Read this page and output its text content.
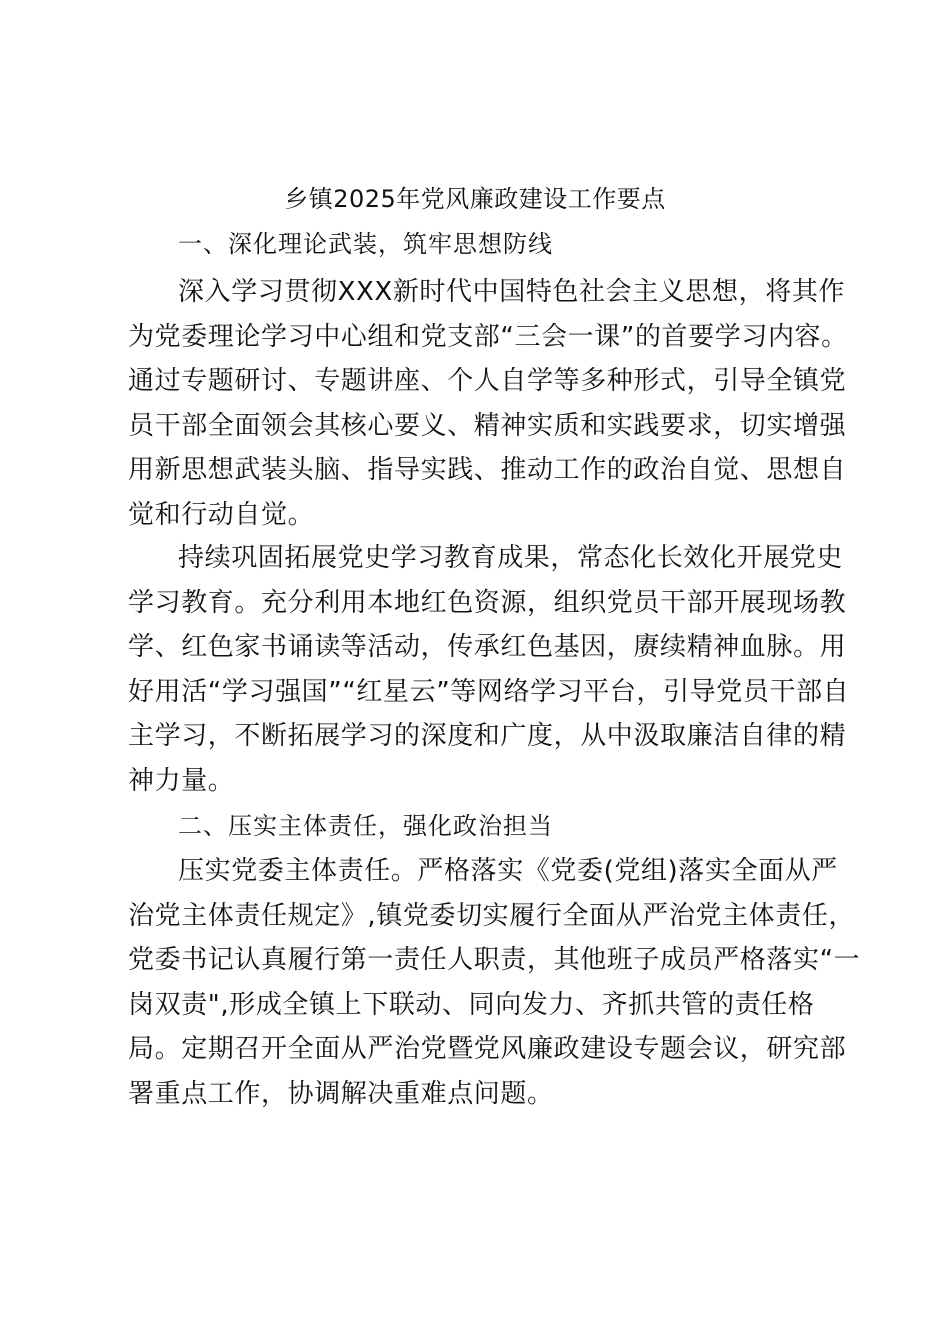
乡镇2025年党风廉政建设工作要点
一、深化理论武装，筑牢思想防线
深入学习贯彻XXX新时代中国特色社会主义思想，将其作
为党委理论学习中心组和党支部“三会一课”的首要学习内容。
通过专题研讨、专题讲座、个人自学等多种形式，引导全镇党
员干部全面领会其核心要义、精神实质和实践要求，切实增强
用新思想武装头脑、指导实践、推动工作的政治自觉、思想自
觉和行动自觉。
持续巩固拓展党史学习教育成果，常态化长效化开展党史
学习教育。充分利用本地红色资源，组织党员干部开展现场教
学、红色家书诵读等活动，传承红色基因，赓续精神血脉。用
好用活“学习强国”“红星云”等网络学习平台，引导党员干部自
主学习，不断拓展学习的深度和广度，从中汲取廉洁自律的精
神力量。
二、压实主体责任，强化政治担当
压实党委主体责任。严格落实《党委(党组)落实全面从严
治党主体责任规定》,镇党委切实履行全面从严治党主体责任，
党委书记认真履行第一责任人职责，其他班子成员严格落实“一
岗双责",形成全镇上下联动、同向发力、齐抓共管的责任格
局。定期召开全面从严治党暨党风廉政建设专题会议，研究部
署重点工作，协调解决重难点问题。
